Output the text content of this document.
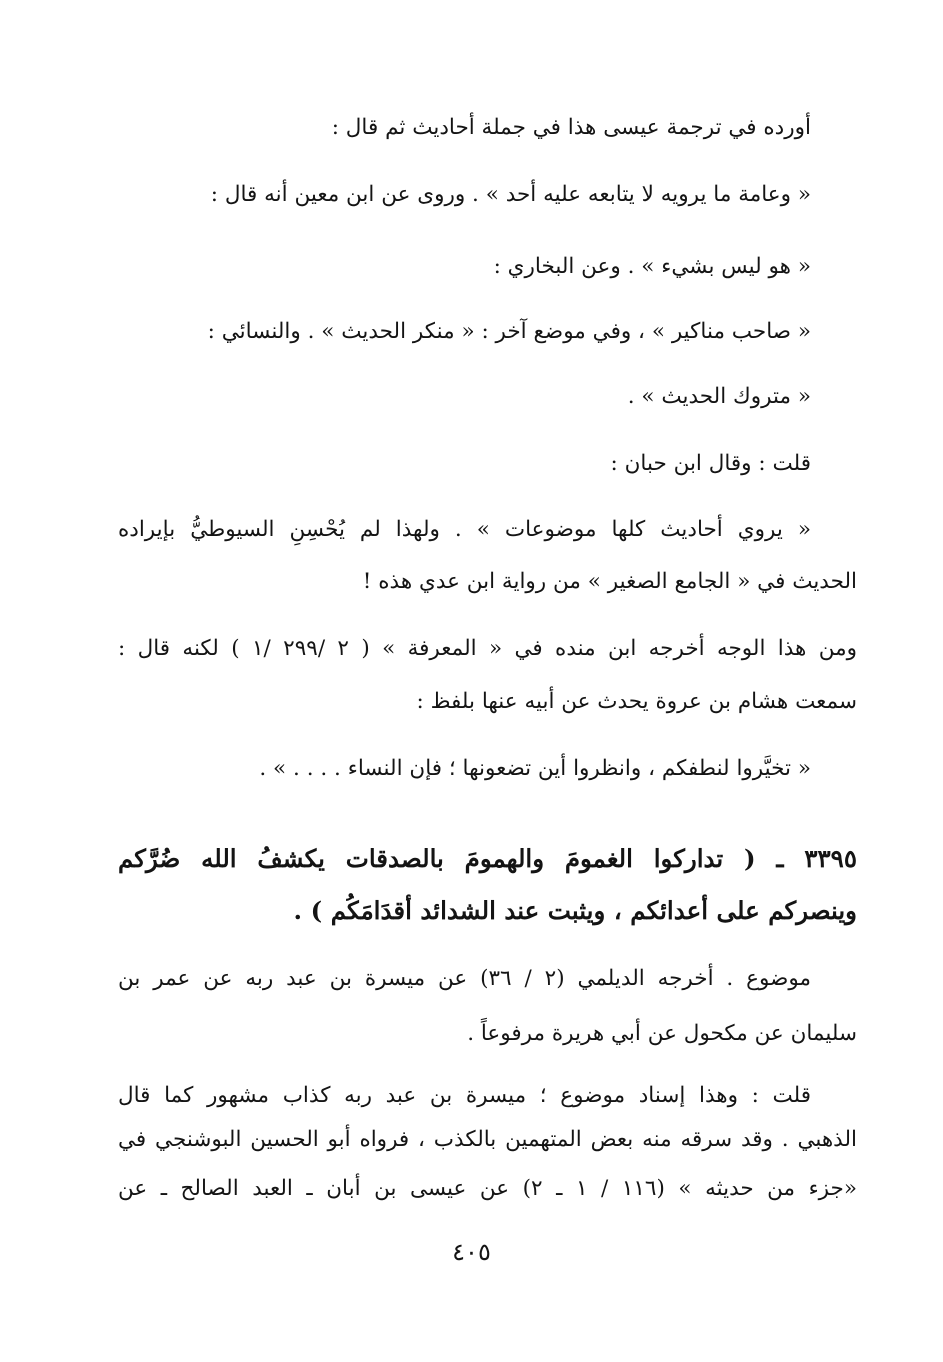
أورده في ترجمة عيسى هذا في جملة أحاديث ثم قال :
« وعامة ما يرويه لا يتابعه عليه أحد » . وروى عن ابن معين أنه قال :
« هو ليس بشيء » . وعن البخاري :
« صاحب مناكير » ، وفي موضع آخر : « منكر الحديث » . والنسائي :
« متروك الحديث » .
قلت : وقال ابن حبان :
« يروي أحاديث كلها موضوعات » . ولهذا لم يُحْسِنِ السيوطيُّ بإيراده
الحديث في « الجامع الصغير » من رواية ابن عدي هذه !
ومن هذا الوجه أخرجه ابن منده في « المعرفة » ( ٢ /٢٩٩ /١ ) لكنه قال :
سمعت هشام بن عروة يحدث عن أبيه عنها بلفظ :
« تخيَّروا لنطفكم ، وانظروا أين تضعونها ؛ فإن النساء . . . . » .
٣٣٩٥ ـ ( تداركوا الغمومَ والهمومَ بالصدقات يكشفُ الله ضُرَّكم
وينصركم على أعدائكم ، ويثبت عند الشدائد أقدَامَكُم ) .
موضوع . أخرجه الديلمي (٢ / ٣٦) عن ميسرة بن عبد ربه عن عمر بن
سليمان عن مكحول عن أبي هريرة مرفوعاً .
قلت : وهذا إسناد موضوع ؛ ميسرة بن عبد ربه كذاب مشهور كما قال
الذهبي . وقد سرقه منه بعض المتهمين بالكذب ، فرواه أبو الحسين البوشنجي في
«جزء من حديثه » (١١٦ / ١ ـ ٢) عن عيسى بن أبان ـ العبد الصالح ـ عن
٤٠٥
